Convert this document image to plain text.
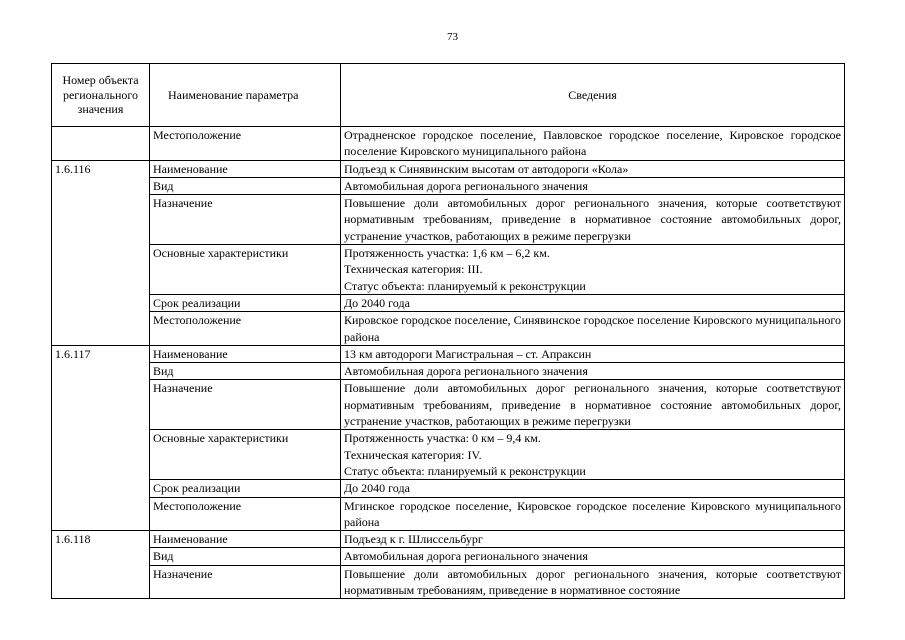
73
Номер объекта регионального значения	Наименование параметра	Сведения
	Местоположение	Отрадненское городское поселение, Павловское городское поселение, Кировское городское поселение Кировского муниципального района

1.6.116	Наименование	Подъезд к Синявинским высотам от автодороги «Кола»

	Вид	Автомобильная дорога регионального значения

	Назначение	Повышение доли автомобильных дорог регионального значения, которые соответствуют нормативным требованиям, приведение в нормативное состояние автомобильных дорог, устранение участков, работающих в режиме перегрузки

	Основные характеристики	Протяженность участка: 1,6 км – 6,2 км.
Техническая категория: III.
Статус объекта: планируемый к реконструкции

	Срок реализации	До 2040 года

	Местоположение	Кировское городское поселение, Синявинское городское поселение Кировского муниципального района

1.6.117	Наименование	13 км автодороги Магистральная – ст. Апраксин

	Вид	Автомобильная дорога регионального значения

	Назначение	Повышение доли автомобильных дорог регионального значения, которые соответствуют нормативным требованиям, приведение в нормативное состояние автомобильных дорог, устранение участков, работающих в режиме перегрузки

	Основные характеристики	Протяженность участка: 0 км – 9,4 км.
Техническая категория: IV.
Статус объекта: планируемый к реконструкции

	Срок реализации	До 2040 года

	Местоположение	Мгинское городское поселение, Кировское городское поселение Кировского муниципального района

1.6.118	Наименование	Подъезд к г. Шлиссельбург

	Вид	Автомобильная дорога регионального значения

	Назначение	Повышение доли автомобильных дорог регионального значения, которые соответствуют нормативным требованиям, приведение в нормативное состояние
